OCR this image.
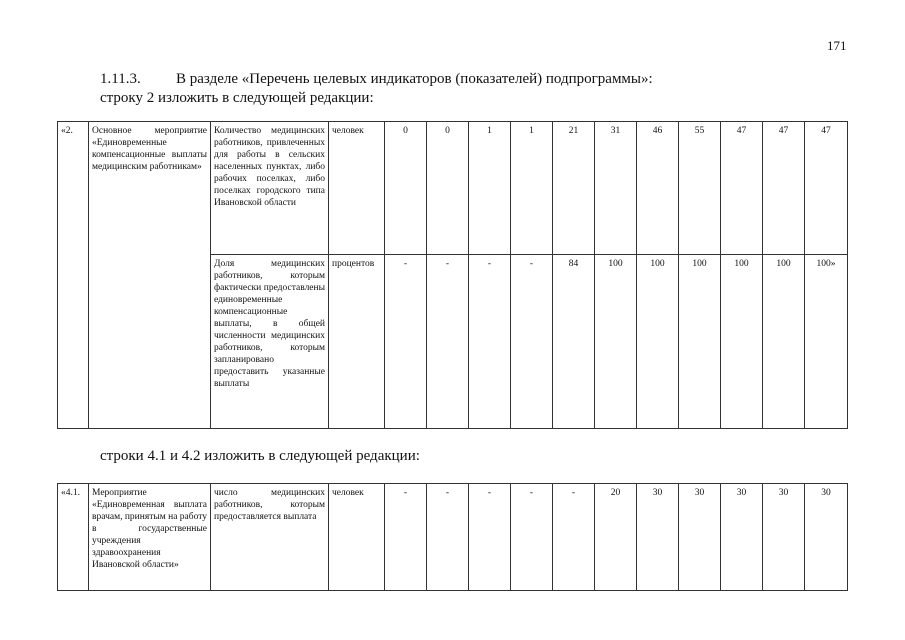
171
1.11.3. В разделе «Перечень целевых индикаторов (показателей) подпрограммы»:
строку 2 изложить в следующей редакции:
«2.	Основное мероприятие «Единовременные компенсационные выплаты медицинским работникам»	Количество медицинских работников, привлеченных для работы в сельских населенных пунктах, либо рабочих поселках, либо поселках городского типа Ивановской области	человек	0	0	1	1	21	31	46	55	47	47	47
		Доля медицинских работников, которым фактически предоставлены единовременные компенсационные выплаты, в общей численности медицинских работников, которым запланировано предоставить указанные выплаты	процентов	-	-	-	-	84	100	100	100	100	100	100»
строки 4.1 и 4.2 изложить в следующей редакции:
«4.1.	Мероприятие «Единовременная выплата врачам, принятым на работу в государственные учреждения здравоохранения Ивановской области»	число медицинских работников, которым предоставляется выплата	человек	-	-	-	-	-	20	30	30	30	30	30
